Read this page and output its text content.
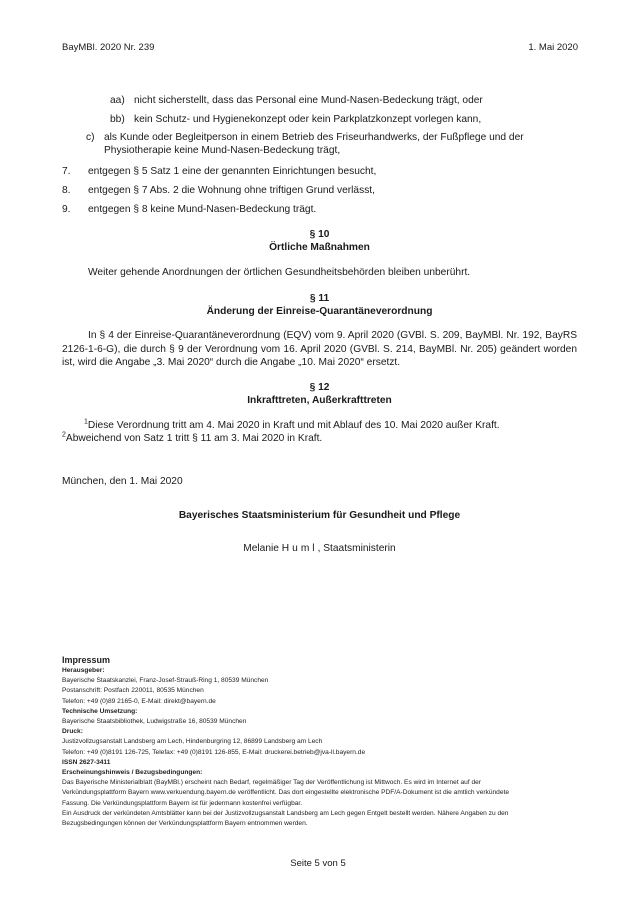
BayMBl. 2020 Nr. 239	1. Mai 2020
aa) nicht sicherstellt, dass das Personal eine Mund-Nasen-Bedeckung trägt, oder
bb) kein Schutz- und Hygienekonzept oder kein Parkplatzkonzept vorlegen kann,
c) als Kunde oder Begleitperson in einem Betrieb des Friseurhandwerks, der Fußpflege und der Physiotherapie keine Mund-Nasen-Bedeckung trägt,
7. entgegen § 5 Satz 1 eine der genannten Einrichtungen besucht,
8. entgegen § 7 Abs. 2 die Wohnung ohne triftigen Grund verlässt,
9. entgegen § 8 keine Mund-Nasen-Bedeckung trägt.
§ 10
Örtliche Maßnahmen
Weiter gehende Anordnungen der örtlichen Gesundheitsbehörden bleiben unberührt.
§ 11
Änderung der Einreise-Quarantäneverordnung
In § 4 der Einreise-Quarantäneverordnung (EQV) vom 9. April 2020 (GVBl. S. 209, BayMBl. Nr. 192, BayRS 2126-1-6-G), die durch § 9 der Verordnung vom 16. April 2020 (GVBl. S. 214, BayMBl. Nr. 205) geändert worden ist, wird die Angabe „3. Mai 2020“ durch die Angabe „10. Mai 2020“ ersetzt.
§ 12
Inkrafttreten, Außerkrafttreten
$^1$Diese Verordnung tritt am 4. Mai 2020 in Kraft und mit Ablauf des 10. Mai 2020 außer Kraft.
$^2$Abweichend von Satz 1 tritt § 11 am 3. Mai 2020 in Kraft.
München, den 1. Mai 2020
Bayerisches Staatsministerium für Gesundheit und Pflege
Melanie Huml, Staatsministerin
Impressum
Herausgeber:
Bayerische Staatskanzlei, Franz-Josef-Strauß-Ring 1, 80539 München
Postanschrift: Postfach 220011, 80535 München
Telefon: +49 (0)89 2165-0, E-Mail: direkt@bayern.de
Technische Umsetzung:
Bayerische Staatsbibliothek, Ludwigstraße 16, 80539 München
Druck:
Justizvollzugsanstalt Landsberg am Lech, Hindenburgring 12, 86899 Landsberg am Lech
Telefon: +49 (0)8191 126-725, Telefax: +49 (0)8191 126-855, E-Mail: druckerei.betrieb@jva-ll.bayern.de
ISSN 2627-3411
Erscheinungshinweis / Bezugsbedingungen:
Das Bayerische Ministerialblatt (BayMBl.) erscheint nach Bedarf, regelmäßiger Tag der Veröffentlichung ist Mittwoch. Es wird im Internet auf der
Verkündungsplattform Bayern www.verkuendung.bayern.de veröffentlicht. Das dort eingestellte elektronische PDF/A-Dokument ist die amtlich verkündete
Fassung. Die Verkündungsplattform Bayern ist für jedermann kostenfrei verfügbar.
Ein Ausdruck der verkündeten Amtsblätter kann bei der Justizvollzugsanstalt Landsberg am Lech gegen Entgelt bestellt werden. Nähere Angaben zu den
Bezugsbedingungen können der Verkündungsplattform Bayern entnommen werden.
Seite 5 von 5
